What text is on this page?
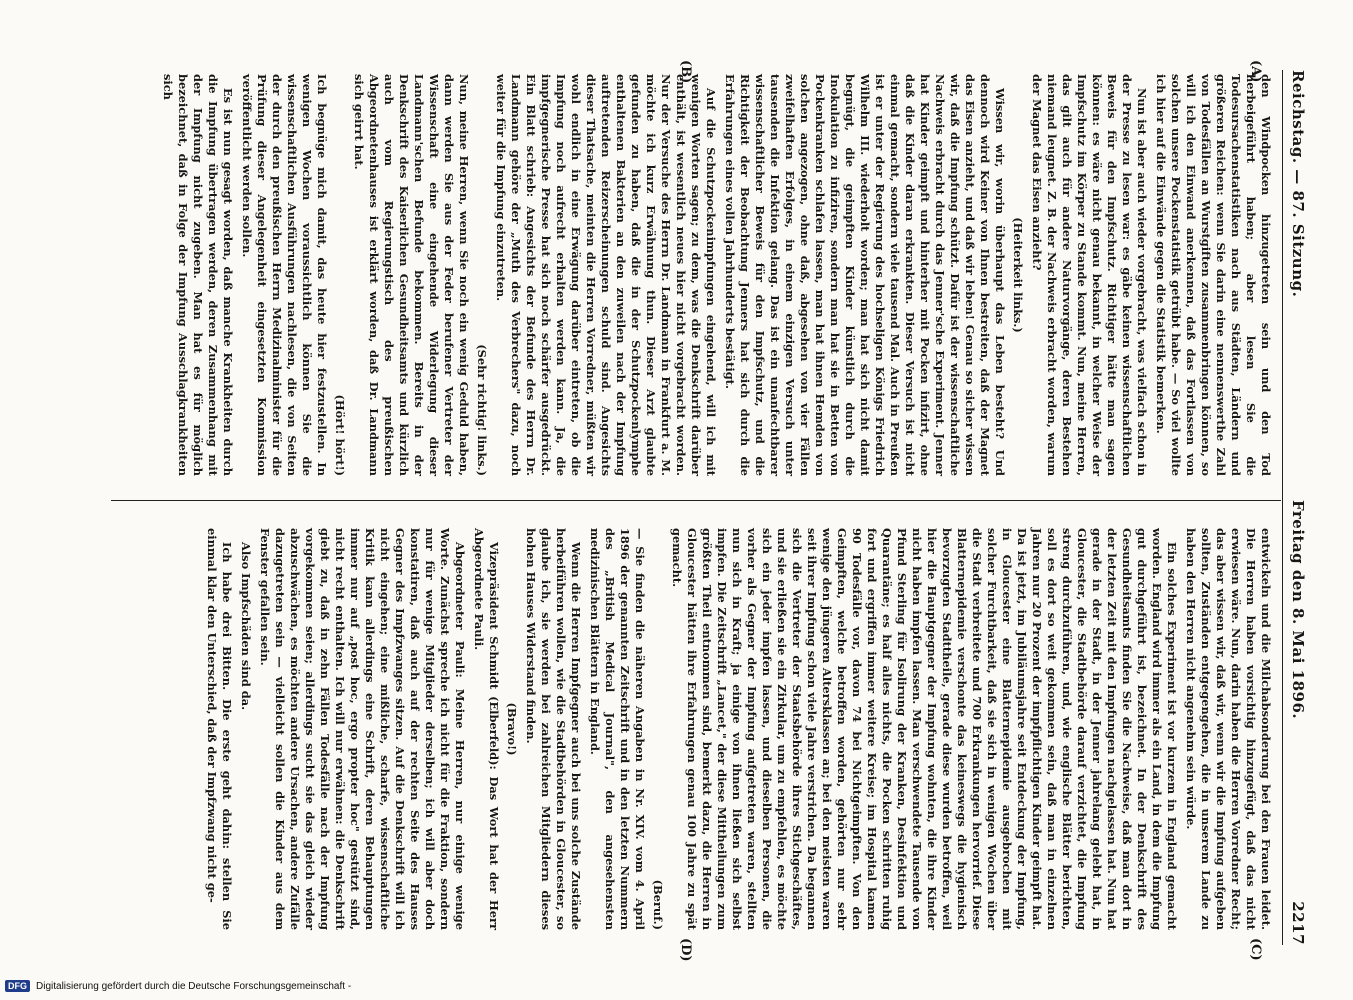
Reichstag. — 87. Sitzung.
Freitag den 8. Mai 1896.
2217
(A)
(B)
(C)
(D)

den Windpocken hinzugetreten sein und den Tod herbeigeführt haben; aber lesen Sie die Todesursachenstatistiken nach aus Städten, Ländern und größeren Reichen: wenn Sie darin eine nennenswerthe Zahl von Todesfällen an Wurstgiften zusammenbringen können, so will ich den Einwand anerkennen, daß das Fortlassen von solchen unsere Pockenstatistik getrübt habe. — So viel wollte ich hier auf die Einwände gegen die Statistik bemerken.

Nun ist aber auch wieder vorgebracht, was vielfach schon in der Presse zu lesen war: es gäbe keinen wissenschaftlichen Beweis für den Impfschutz. Richtiger hätte man sagen können: es wäre nicht genau bekannt, in welcher Weise der Impfschutz im Körper zu Stande kommt. Nun, meine Herren, das gilt auch für andere Naturvorgänge, deren Bestehen niemand leugnet. Z. B. der Nachweis erbracht worden, warum der Magnet das Eisen anzieht?

(Heiterkeit links.)

Wissen wir, worin überhaupt das Leben besteht? Und dennoch wird Keiner von Ihnen bestreiten, daß der Magnet das Eisen anzieht, und daß wir leben! Genau so sicher wissen wir, daß die Impfung schützt. Dafür ist der wissenschaftliche Nachweis erbracht durch das Jenner'sche Experiment. Jenner hat Kinder geimpft und hinterher mit Pocken infizirt, ohne daß die Kinder daran erkrankten. Dieser Versuch ist nicht einmal gemacht, sondern viele tausend Mal. Auch in Preußen ist er unter der Regierung des hochseligen Königs Friedrich Wilhelm III. wiederholt worden; man hat sich nicht damit begnügt, die geimpften Kinder künstlich durch die Inokulation zu infiziren, sondern man hat sie in Betten von Pockenkranken schlafen lassen, man hat ihnen Hemden von solchen angezogen, ohne daß, abgesehen von vier Fällen zweifelhaften Erfolges, in einem einzigen Versuch unter tausenden die Infektion gelang. Das ist ein unanfechtbarer wissenschaftlicher Beweis für den Impfschutz, und die Richtigkeit der Beobachtung Jenners hat sich durch die Erfahrungen eines vollen Jahrhunderts bestätigt.

Auf die Schutzpockenimpfungen eingehend, will ich mit wenigen Worten sagen; zu dem, was die Denkschrift darüber enthält, ist wesentlich neues hier nicht vorgebracht worden. Nur der Versuche des Herrn Dr. Landmann in Frankfurt a. M. möchte ich kurz Erwähnung thun. Dieser Arzt glaubte gefunden zu haben, daß die in der Schutzpockenlymphe enthaltenen Bakterien an den zuweilen nach der Impfung auftretenden Reizerscheinungen schuld sind. Angesichts dieser Thatsache, meinten die Herren Vorredner, müßten wir wohl endlich in eine Erwägung darüber eintreten, ob die Impfung noch aufrecht erhalten werden kann. Ja, die impfgegnerische Presse hat sich noch schärfer ausgedrückt. Ein Blatt schrieb: Angesichts der Befunde des Herrn Dr. Landmann gehöre der „Muth des Verbrechers" dazu, noch weiter für die Impfung einzutreten.

(Sehr richtig! links.)

Nun, meine Herren, wenn Sie noch ein wenig Geduld haben, dann werden Sie aus der Feder berufener Vertreter der Wissenschaft eine eingehende Widerlegung dieser Landmann'schen Befunde bekommen. Bereits in der Denkschrift des Kaiserlichen Gesundheitsamts und kürzlich auch vom Regierungstisch des preußischen Abgeordnetenhauses ist erklärt worden, daß Dr. Landmann sich geirrt hat.

(Hört! hört!)

Ich begnüge mich damit, das heute hier festzustellen. In wenigen Wochen voraussichtlich können Sie die wissenschaftlichen Ausführungen nachlesen, die von Seiten der durch den preußischen Herrn Medizinalminister für die Prüfung dieser Angelegenheit eingesetzten Kommission veröffentlicht werden sollen.

Es ist nun gesagt worden, daß manche Krankheiten durch die Impfung übertragen werden, deren Zusammenhang mit der Impfung nicht zugeben. Man hat es für möglich bezeichnet, daß in Folge der Impfung Ausschlagkrankheiten sich

entwickeln und die Milchabsonderung bei den Frauen leidet. Die Herren haben vorsichtig hinzugefügt, daß das nicht erwiesen wäre. Nun, darin haben die Herren Vorredner Recht; das aber wissen wir, daß wir, wenn wir die Impfung aufgeben sollten, Zuständen entgegengehen, die in unserem Lande zu haben den Herren nicht angenehm sein würde.

Ein solches Experiment ist vor kurzem in England gemacht worden. England wird immer als ein Land, in dem die Impfung gut durchgeführt ist, bezeichnet. In der Denkschrift des Gesundheitsamts finden Sie die Nachweise, daß man dort in der letzten Zeit mit den Impfungen nachgelassen hat. Nun hat gerade in der Stadt, in der Jenner jahrelang gelebt hat, in Gloucester, die Stadtbehörde darauf verzichtet, die Impfung streng durchzuführen, und, wie englische Blätter berichten, soll es dort so weit gekommen sein, daß man in einzelnen Jahren nur 20 Prozent der impfpflichtigen Kinder geimpft hat. Da ist jetzt, im Jubiläumsjahre seit Entdeckung der Impfung, in Gloucester eine Blatternepidemie ausgebrochen mit solcher Furchtbarkeit, daß sie sich in wenigen Wochen über die Stadt verbreitete und 700 Erkrankungen hervorrief. Diese Blatternepidemie verschonte das keineswegs die hygienisch bevorzugten Stadttheile, gerade diese wurden betroffen, weil hier die Hauptgegner der Impfung wohnten, die ihre Kinder nicht haben impfen lassen. Man verschwendete Tausende von Pfund Sterling für Isolirung der Kranken, Desinfektion und Quarantäne; es half alles nichts, die Pocken schritten ruhig fort und ergriffen immer weitere Kreise; im Hospital kamen 90 Todesfälle vor, davon 74 bei Nichtgeimpften. Von den Geimpften, welche betroffen worden, gehörten nur sehr wenige den jüngeren Altersklassen an; bei den meisten waren seit ihrer Impfung schon viele Jahre verstrichen. Da begannen sich die Vertreter der Staatsbehörde ihres Stichgeschäftes, und sie erließen sie ein Zirkular, um zu empfehlen, es möchte sich ein jeder impfen lassen, und dieselben Personen, die vorher als Gegner der Impfung aufgetreten waren, stellten nun sich in Kraft; ja einige von ihnen ließen sich selbst impfen. Die Zeitschrift „Lancet," der diese Mittheilungen zum größten Theil entnommen sind, bemerkt dazu, die Herren in Gloucester hätten ihre Erfahrungen genau 100 Jahre zu spät gemacht.

(Beruf.)

— Sie finden die näheren Angaben in Nr. XIV. vom 4. April 1896 der genannten Zeitschrift und in den letzten Nummern des „British Medical Journal", den angesehensten medizinischen Blättern in England.

Wenn die Herren Impfgegner auch bei uns solche Zustände herbeiführen wollen, wie die Stadtbehörden in Gloucester, so glaube ich, sie werden bei zahlreichen Mitgliedern dieses hohen Hauses Widerstand finden.

(Bravo!)

Vizepräsident Schmidt (Elberfeld): Das Wort hat der Herr Abgeordnete Pauli.

Abgeordneter Pauli: Meine Herren, nur einige wenige Worte. Zunächst spreche ich nicht für die Fraktion, sondern nur für wenige Mitglieder derselben; ich will aber doch konstatiren, daß auch auf der rechten Seite des Hauses Gegner des Impfzwanges sitzen. Auf die Denkschrift will ich nicht eingehen; eine mißliche, scharfe, wissenschaftliche Kritik kann allerdings eine Schrift, deren Behauptungen immer nur auf „post hoc, ergo propter hoc" gestützt sind, nicht recht enthalten. Ich will nur erwähnen: die Denkschrift giebt zu, daß in zehn Fällen Todesfälle nach der Impfung vorgekommen seien; allerdings sucht sie das gleich wieder abzuschwächen, es möchten andere Ursachen, andere Zufälle dazugetreten sein — vielleicht sollen die Kinder aus dem Fenster gefallen sein.

Also Impfschäden sind da.

Ich habe drei Bitten. Die erste geht dahin: stellen Sie einmal klar den Unterschied, daß der Impfzwang nicht ge-

DFG Digitalisierung gefördert durch die Deutsche Forschungsgemeinschaft -
